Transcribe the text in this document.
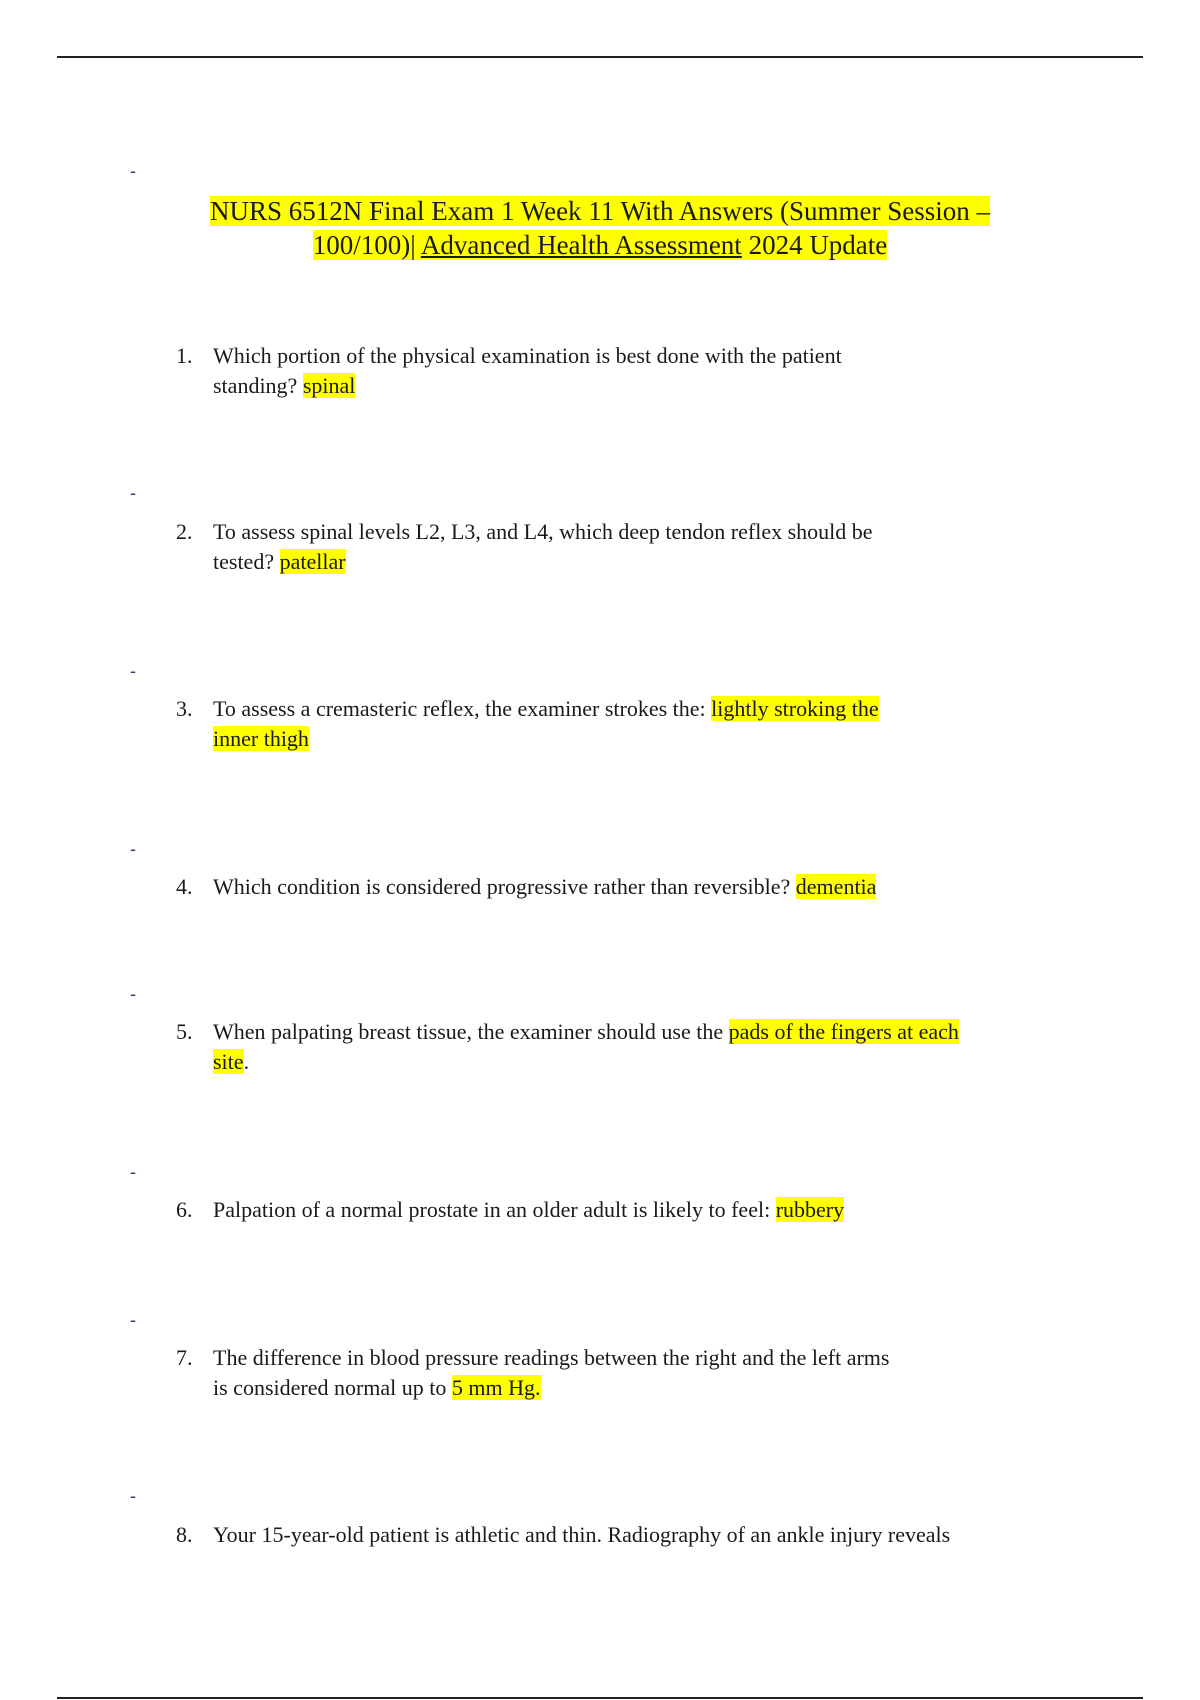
-
NURS 6512N Final Exam 1 Week 11 With Answers (Summer Session –
100/100)| Advanced Health Assessment 2024 Update
1. Which portion of the physical examination is best done with the patient
standing? spinal
-
2. To assess spinal levels L2, L3, and L4, which deep tendon reflex should be
tested? patellar
-
3. To assess a cremasteric reflex, the examiner strokes the: lightly stroking the
inner thigh
-
4. Which condition is considered progressive rather than reversible? dementia
-
5. When palpating breast tissue, the examiner should use the pads of the fingers at each
site.
-
6. Palpation of a normal prostate in an older adult is likely to feel: rubbery
-
7. The difference in blood pressure readings between the right and the left arms
is considered normal up to 5 mm Hg.
-
8. Your 15-year-old patient is athletic and thin. Radiography of an ankle injury reveals
